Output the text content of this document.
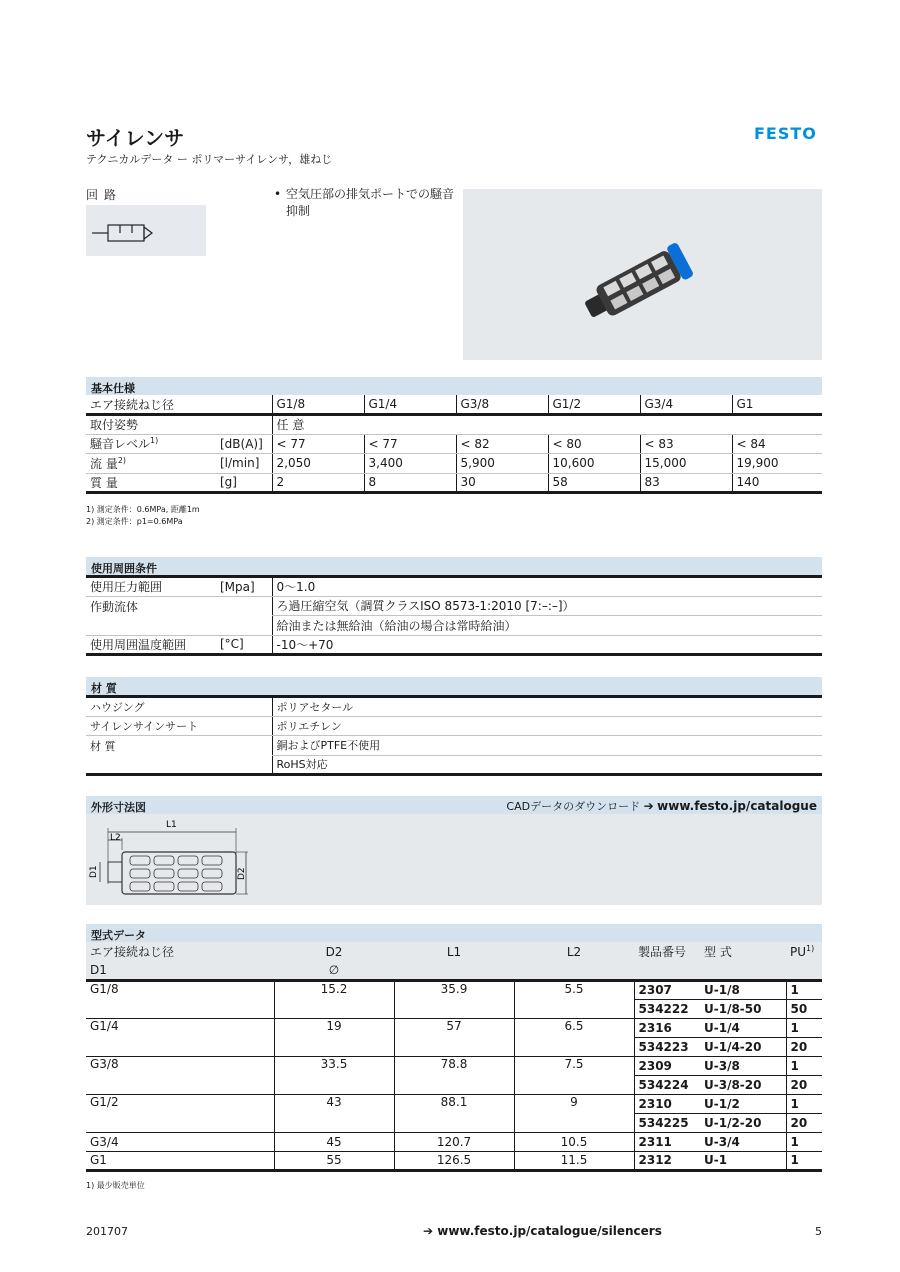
サイレンサ
テクニカルデータ ー ポリマーサイレンサ，雄ねじ
FESTO
回路	• 空気圧部の排気ポートでの騒音抑制
基本仕様
エア接続ねじ径		G1/8	G1/4	G3/8	G1/2	G3/4	G1
取付姿勢		任 意					
騒音レベル$^{1)}$	[dB(A)]	< 77	< 77	< 82	< 80	< 83	< 84
流 量$^{2)}$	[l/min]	2,050	3,400	5,900	10,600	15,000	19,900
質 量	[g]	2	8	30	58	83	140
1) 測定条件：0.6MPa, 距離1m
2) 測定条件：p1=0.6MPa
使用周囲条件
使用圧力範囲	[Mpa]	0〜1.0
作動流体		ろ過圧縮空気（調質クラスISO 8573-1:2010 [7:–:–]）
		給油または無給油（給油の場合は常時給油）
使用周囲温度範囲	[°C]	-10〜+70
材 質
ハウジング	ポリアセタール
サイレンサインサート	ポリエチレン
材 質	銅およびPTFE不使用
	RoHS対応
外形寸法図	CADデータのダウンロード ➔ www.festo.jp/catalogue
L1
L2
D1	D2
型式データ
エア接続ねじ径	D2	L1	L2	製品番号	型 式	PU$^{1)}$
D1	∅					
G1/8	15.2	35.9	5.5	2307	U-1/8	1
				534222	U-1/8-50	50
G1/4	19	57	6.5	2316	U-1/4	1
				534223	U-1/4-20	20
G3/8	33.5	78.8	7.5	2309	U-3/8	1
				534224	U-3/8-20	20
G1/2	43	88.1	9	2310	U-1/2	1
				534225	U-1/2-20	20
G3/4	45	120.7	10.5	2311	U-3/4	1
G1	55	126.5	11.5	2312	U-1	1
1) 最少販売単位
201707	➔ www.festo.jp/catalogue/silencers	5
